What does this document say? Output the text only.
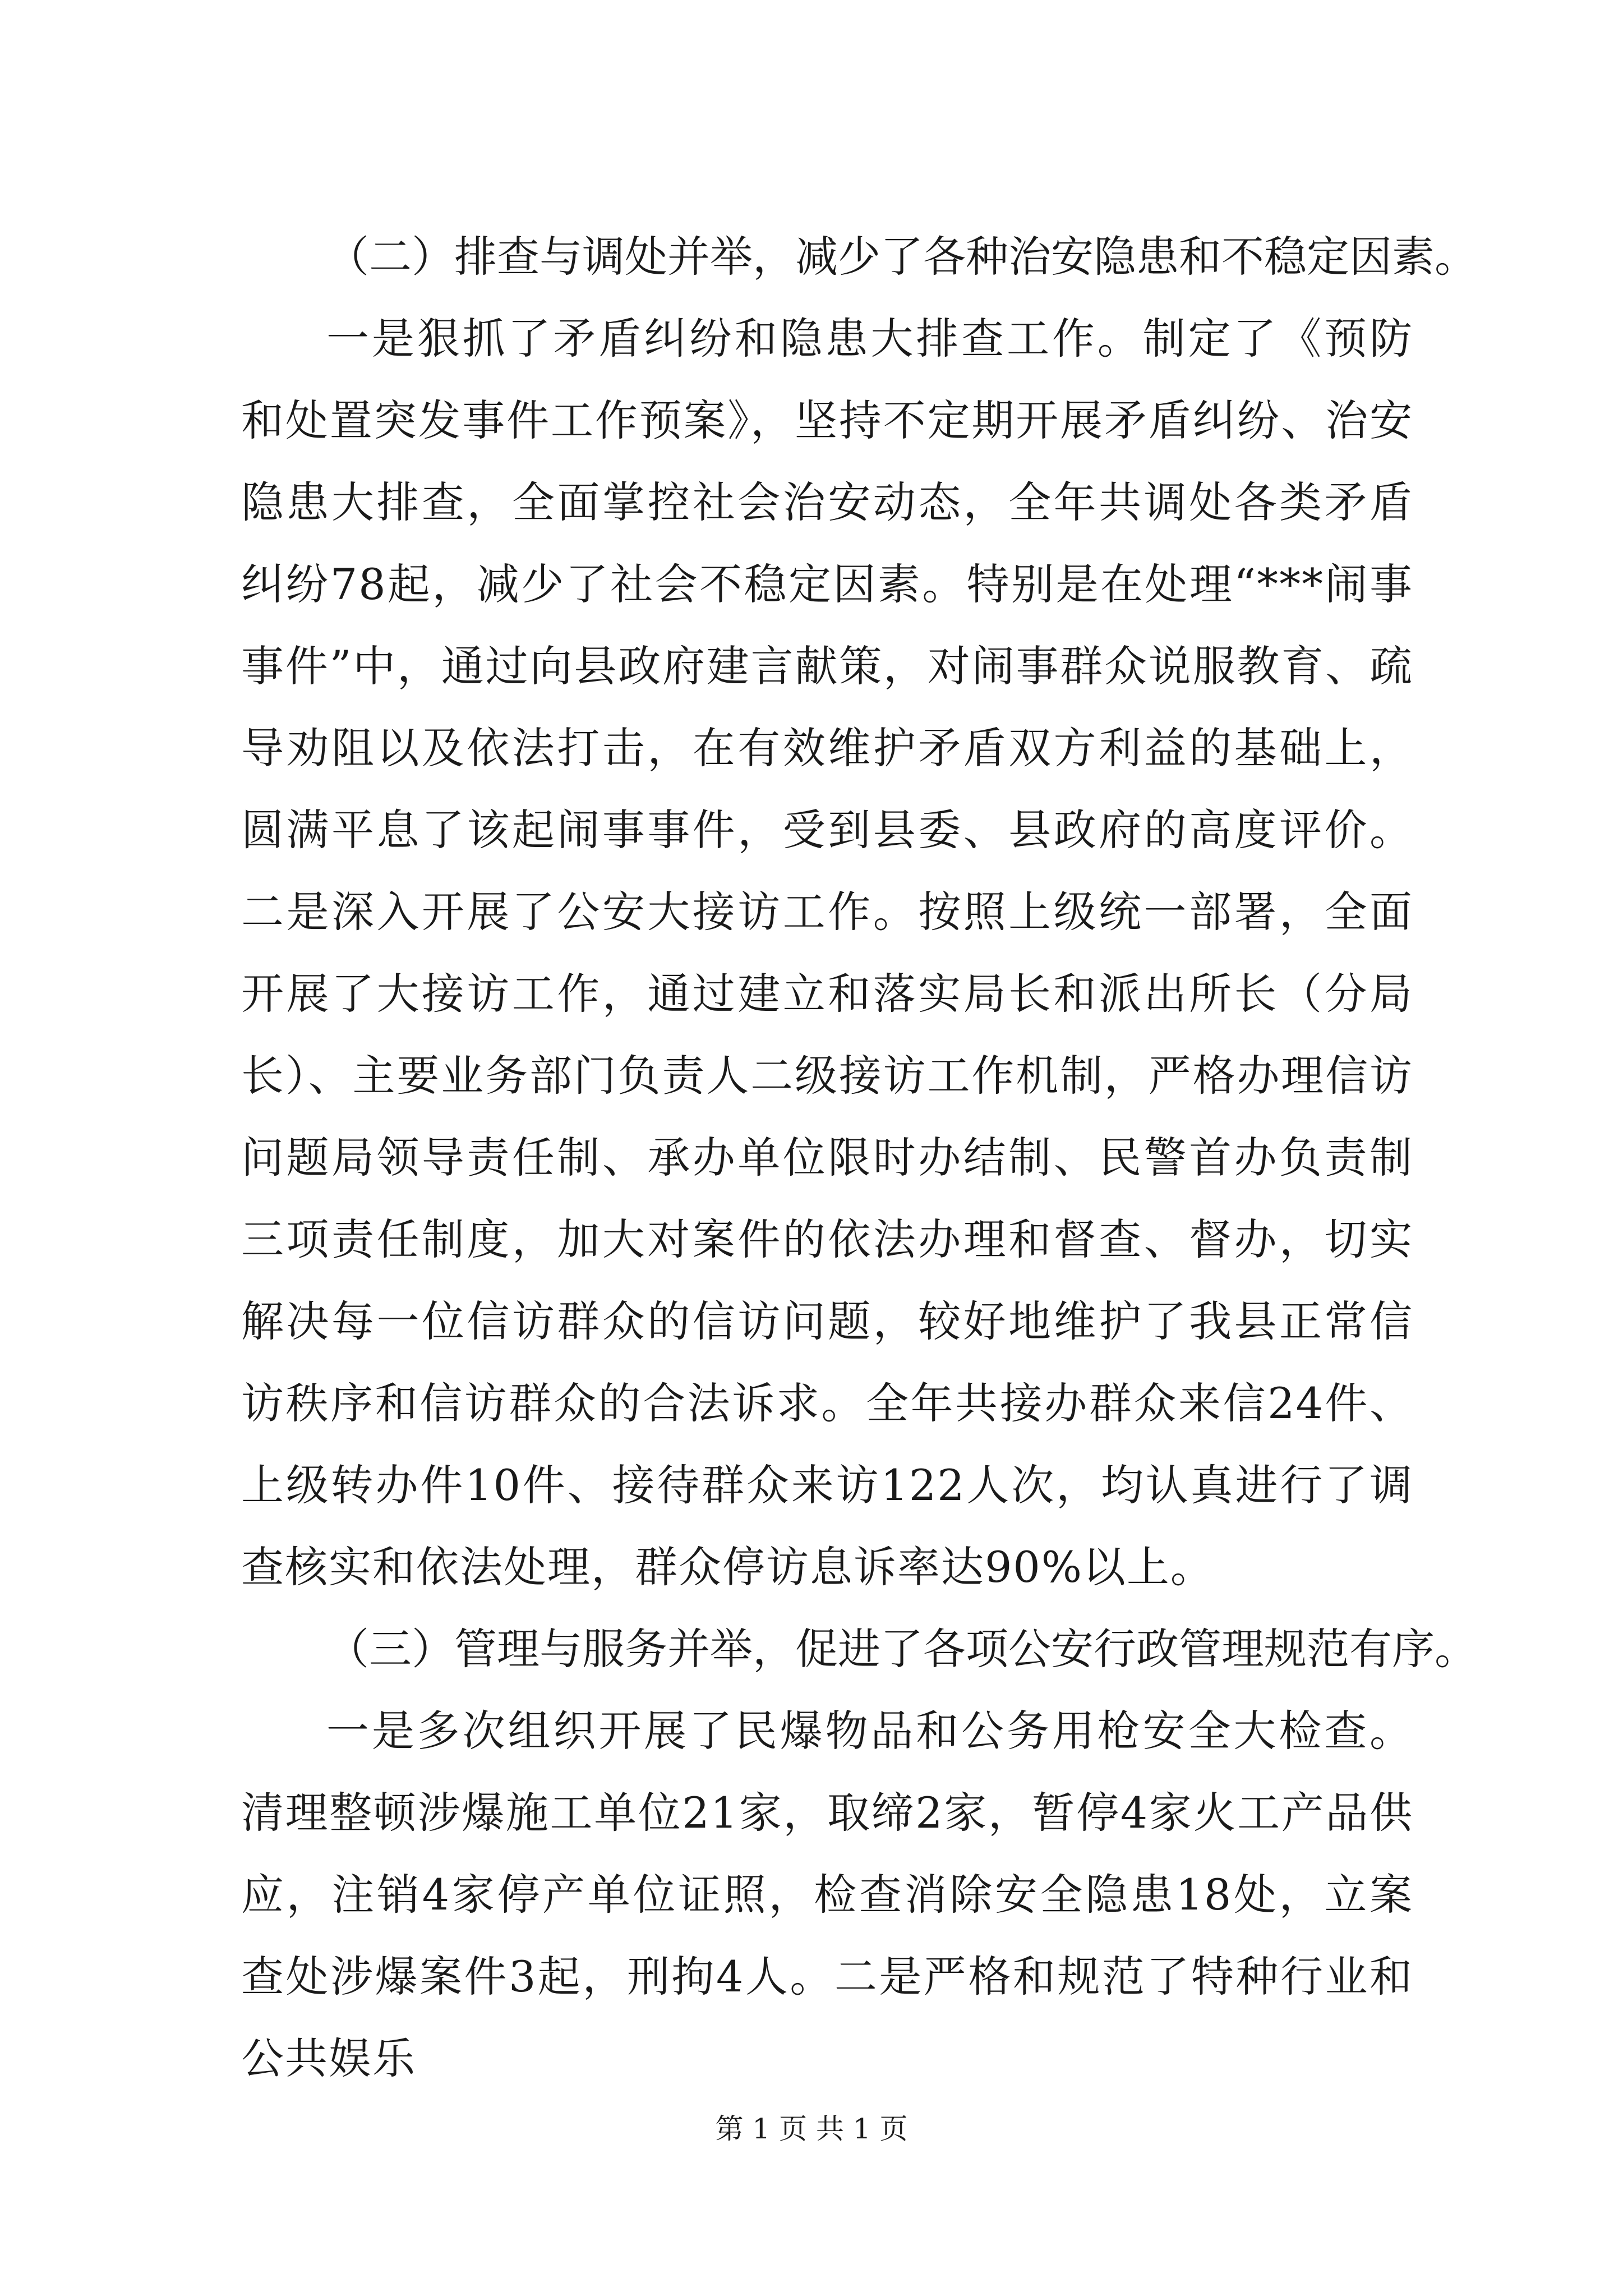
（二）排查与调处并举，减少了各种治安隐患和不稳定因素。

一是狠抓了矛盾纠纷和隐患大排查工作。制定了《预防和处置突发事件工作预案》，坚持不定期开展矛盾纠纷、治安隐患大排查，全面掌控社会治安动态，全年共调处各类矛盾纠纷78起，减少了社会不稳定因素。特别是在处理“***闹事事件”中，通过向县政府建言献策，对闹事群众说服教育、疏导劝阻以及依法打击，在有效维护矛盾双方利益的基础上，圆满平息了该起闹事事件，受到县委、县政府的高度评价。二是深入开展了公安大接访工作。按照上级统一部署，全面开展了大接访工作，通过建立和落实局长和派出所长（分局长）、主要业务部门负责人二级接访工作机制，严格办理信访问题局领导责任制、承办单位限时办结制、民警首办负责制三项责任制度，加大对案件的依法办理和督查、督办，切实解决每一位信访群众的信访问题，较好地维护了我县正常信访秩序和信访群众的合法诉求。全年共接办群众来信24件、上级转办件10件、接待群众来访122人次，均认真进行了调查核实和依法处理，群众停访息诉率达90%以上。

（三）管理与服务并举，促进了各项公安行政管理规范有序。

一是多次组织开展了民爆物品和公务用枪安全大检查。清理整顿涉爆施工单位21家，取缔2家，暂停4家火工产品供应，注销4家停产单位证照，检查消除安全隐患18处，立案查处涉爆案件3起，刑拘4人。二是严格和规范了特种行业和公共娱乐

第 1 页 共 1 页
